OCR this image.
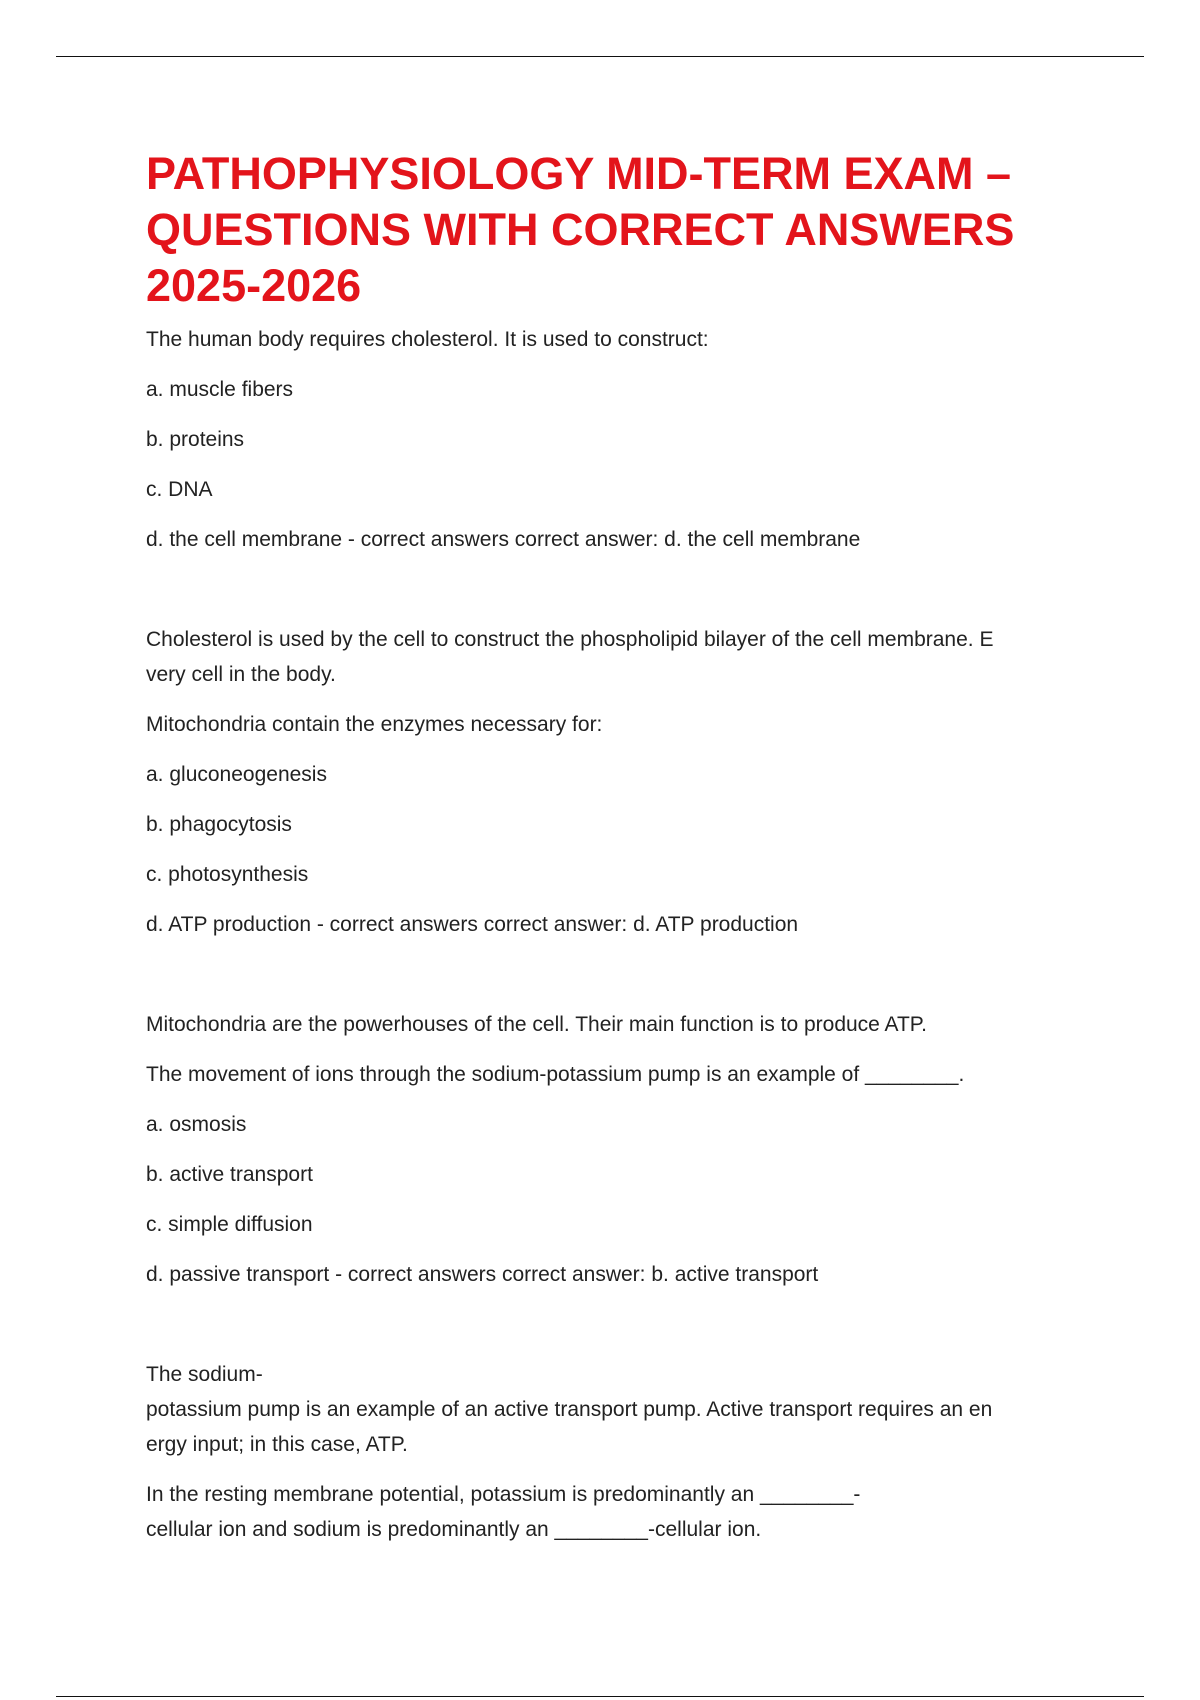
PATHOPHYSIOLOGY MID-TERM EXAM – QUESTIONS WITH CORRECT ANSWERS 2025-2026
The human body requires cholesterol. It is used to construct:
a. muscle fibers
b. proteins
c. DNA
d. the cell membrane - correct answers correct answer: d. the cell membrane
Cholesterol is used by the cell to construct the phospholipid bilayer of the cell membrane. E
very cell in the body.
Mitochondria contain the enzymes necessary for:
a. gluconeogenesis
b. phagocytosis
c. photosynthesis
d. ATP production - correct answers correct answer: d. ATP production
Mitochondria are the powerhouses of the cell. Their main function is to produce ATP.
The movement of ions through the sodium-potassium pump is an example of ________.
a. osmosis
b. active transport
c. simple diffusion
d. passive transport - correct answers correct answer: b. active transport
The sodium-
potassium pump is an example of an active transport pump. Active transport requires an en
ergy input; in this case, ATP.
In the resting membrane potential, potassium is predominantly an ________-
cellular ion and sodium is predominantly an ________-cellular ion.
